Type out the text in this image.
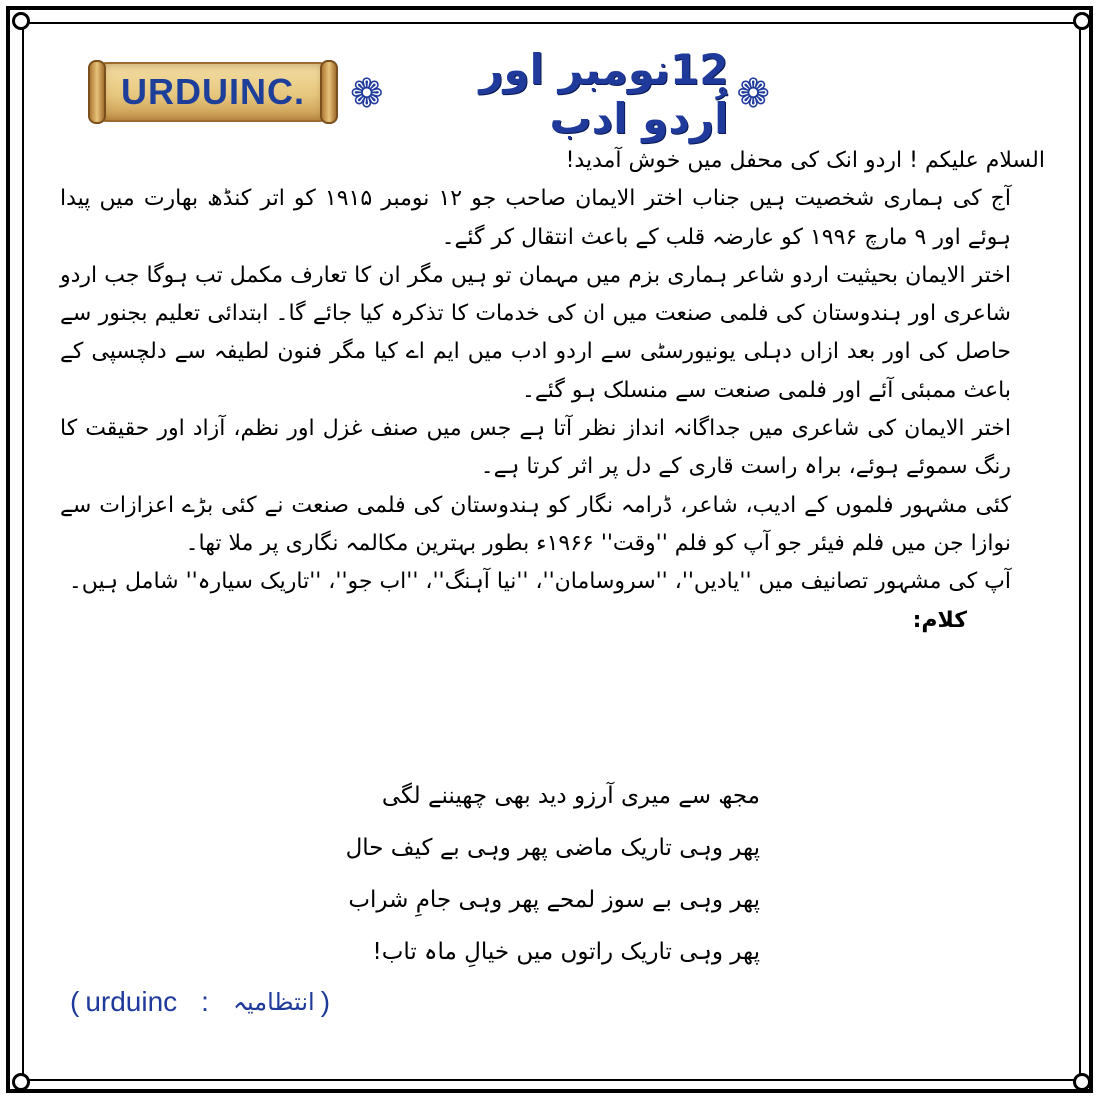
URDUINC. ❁	12نومبر اور اُردو ادب ❁

السلام علیکم ! اردو انک کی محفل میں خوش آمدید!

آج کی ہماری شخصیت ہیں جناب اختر الایمان صاحب جو ۱۲ نومبر ۱۹۱۵ کو اتر کنڈھ بھارت میں پیدا ہوئے اور ۹ مارچ ۱۹۹۶ کو عارضہ قلب کے باعث انتقال کر گئے۔

اختر الایمان بحیثیت اردو شاعر ہماری بزم میں مہمان تو ہیں مگر ان کا تعارف مکمل تب ہوگا جب اردو شاعری اور ہندوستان کی فلمی صنعت میں ان کی خدمات کا تذکرہ کیا جائے گا۔ ابتدائی تعلیم بجنور سے حاصل کی اور بعد ازاں دہلی یونیورسٹی سے اردو ادب میں ایم اے کیا مگر فنون لطیفہ سے دلچسپی کے باعث ممبئی آئے اور فلمی صنعت سے منسلک ہو گئے۔

اختر الایمان کی شاعری میں جداگانہ انداز نظر آتا ہے جس میں صنف غزل اور نظم، آزاد اور حقیقت کا رنگ سموئے ہوئے، براہ راست قاری کے دل پر اثر کرتا ہے۔

کئی مشہور فلموں کے ادیب، شاعر، ڈرامہ نگار کو ہندوستان کی فلمی صنعت نے کئی بڑے اعزازات سے نوازا جن میں فلم فیئر جو آپ کو فلم ''وقت'' ۱۹۶۶ء بطور بہترین مکالمہ نگاری پر ملا تھا۔

آپ کی مشہور تصانیف میں ''یادیں''، ''سروسامان''، ''نیا آہنگ''، ''اب جو''، ''تاریک سیارہ'' شامل ہیں۔

کلام:

مجھ سے میری آرزو دید بھی چھیننے لگی
پھر وہی تاریک ماضی پھر وہی بے کیف حال
پھر وہی بے سوز لمحے پھر وہی جامِ شراب
پھر وہی تاریک راتوں میں خیالِ ماہ تاب!
( urduinc :	انتظامیہ )
